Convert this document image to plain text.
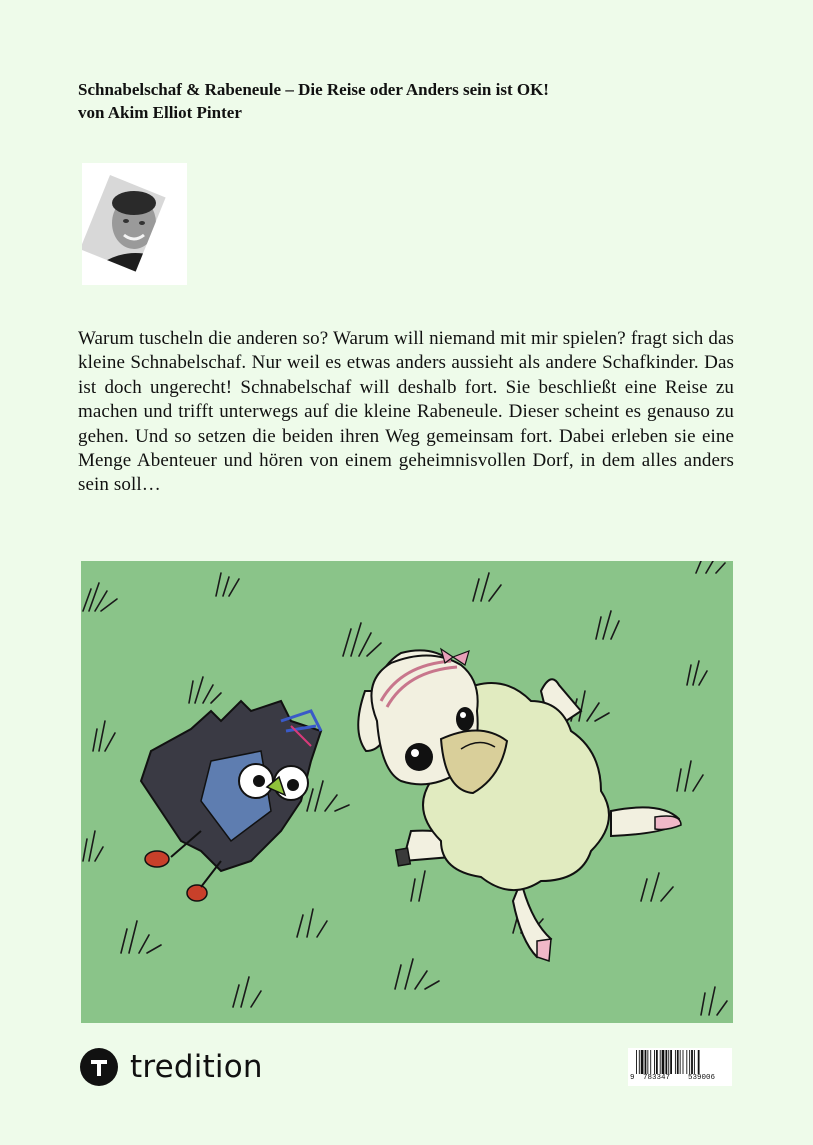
Schnabelschaf & Rabeneule – Die Reise oder Anders sein ist OK!
von Akim Elliot Pinter
Warum tuscheln die anderen so? Warum will niemand mit mir spielen? fragt sich das kleine Schnabelschaf. Nur weil es etwas anders aussieht als andere Schafkinder. Das ist doch ungerecht! Schnabelschaf will deshalb fort. Sie beschließt eine Reise zu machen und trifft unterwegs auf die kleine Rabeneule. Dieser scheint es genauso zu gehen. Und so setzen die beiden ihren Weg gemeinsam fort. Dabei erleben sie eine Menge Abenteuer und hören von einem geheimnisvollen Dorf, in dem alles anders sein soll…
tredition	9 783347 539006
